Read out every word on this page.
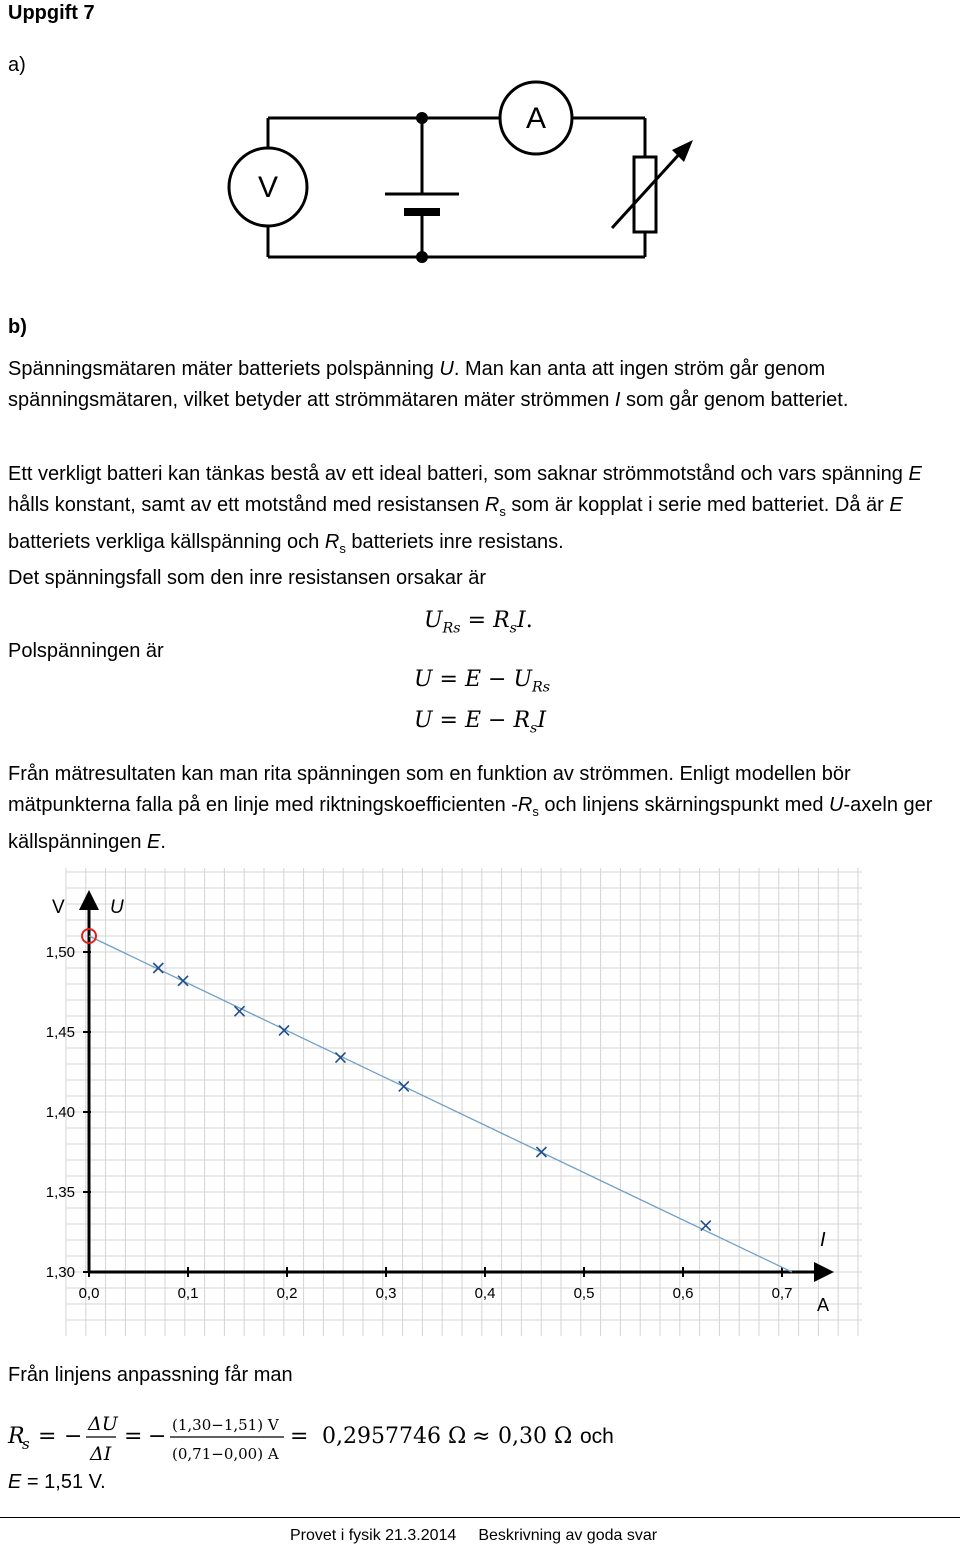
Uppgift 7
a)
V
A
b)
Spänningsmätaren mäter batteriets polspänning U. Man kan anta att ingen ström går genom spänningsmätaren, vilket betyder att strömmätaren mäter strömmen I som går genom batteriet.
Ett verkligt batteri kan tänkas bestå av ett ideal batteri, som saknar strömmotstånd och vars spänning E hålls konstant, samt av ett motstånd med resistansen $R_s$ som är kopplat i serie med batteriet. Då är E batteriets verkliga källspänning och $R_s$ batteriets inre resistans.
Det spänningsfall som den inre resistansen orsakar är
$U_{Rs} = R_sI$.
Polspänningen är
$U = E - U_{Rs}$
$U = E - R_sI$
Från mätresultaten kan man rita spänningen som en funktion av strömmen. Enligt modellen bör mätpunkterna falla på en linje med riktningskoefficienten $-R_s$ och linjens skärningspunkt med U-axeln ger källspänningen E.
0,0	0,1	0,2	0,3	0,4	0,5	0,6	0,7
1,30
1,35
1,40
1,45
1,50
V U
I
A
Från linjens anpassning får man
R
s = − ΔU
ΔI
= − (1,30−1,51) V
(0,71−0,00) A
= 0,2957746 Ω ≈ 0,30 Ω och
E = 1,51 V.
Provet i fysik 21.3.2014 Beskrivning av goda svar
